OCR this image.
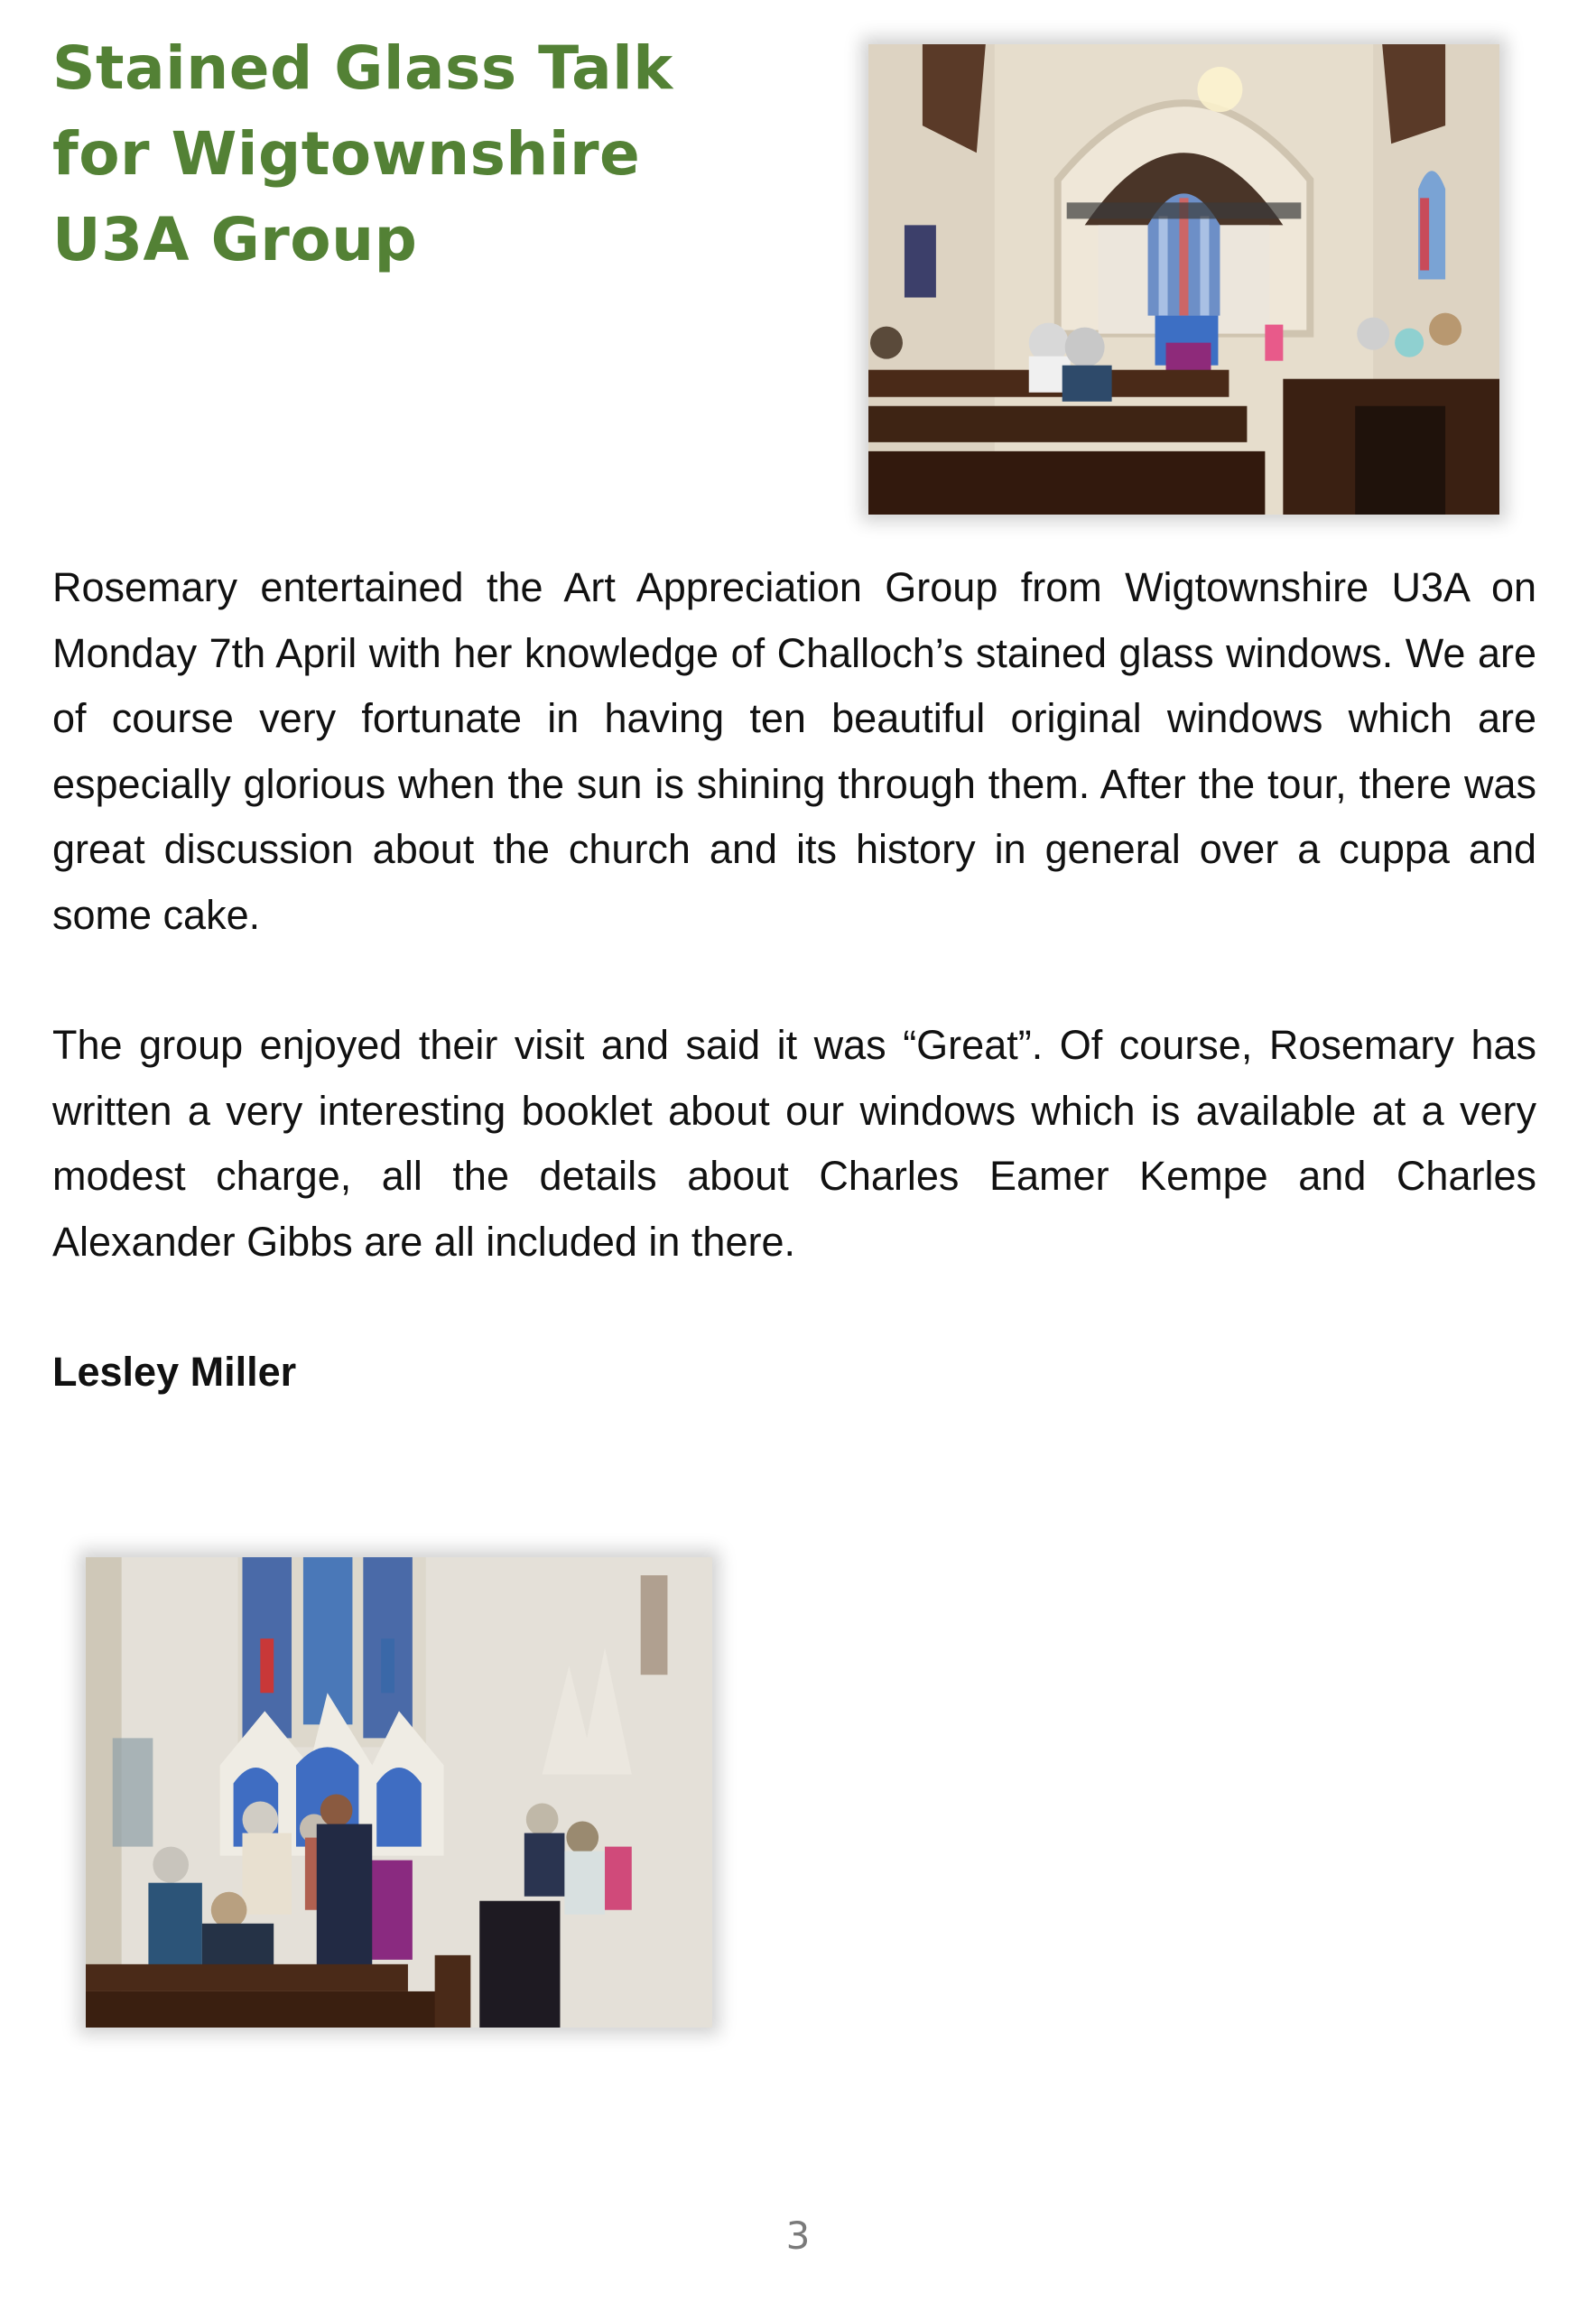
Stained Glass Talk
for Wigtownshire
U3A Group

Rosemary entertained the Art Appreciation Group from Wigtownshire U3A on Monday 7th April with her knowledge of Challoch’s stained glass windows. We are of course very fortunate in having ten beautiful original windows which are especially glorious when the sun is shining through them. After the tour, there was great discussion about the church and its history in general over a cuppa and some cake.

The group enjoyed their visit and said it was “Great”. Of course, Rosemary has written a very interesting booklet about our windows which is available at a very modest charge, all the details about Charles Eamer Kempe and Charles Alexander Gibbs are all included in there.

Lesley Miller
3
